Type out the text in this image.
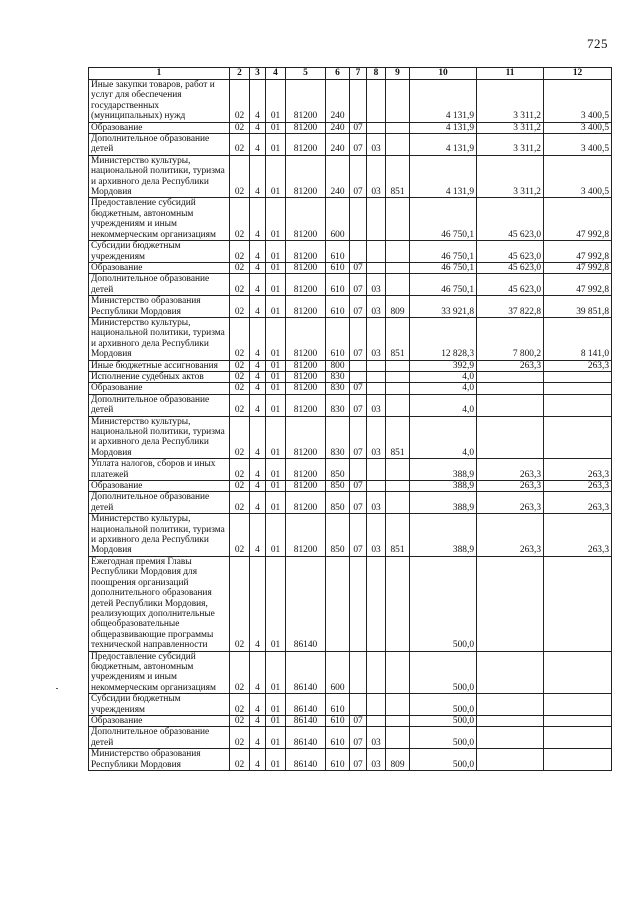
725
1	2	3	4	5	6	7	8	9	10	11	12
Иные закупки товаров, работ и услуг для обеспечения государственных (муниципальных) нужд	02	4	01	81200	240				4 131,9	3 311,2	3 400,5
Образование	02	4	01	81200	240	07			4 131,9	3 311,2	3 400,5
Дополнительное образование детей	02	4	01	81200	240	07	03		4 131,9	3 311,2	3 400,5
Министерство культуры, национальной политики, туризма и архивного дела Республики Мордовия	02	4	01	81200	240	07	03	851	4 131,9	3 311,2	3 400,5
Предоставление субсидий бюджетным, автономным учреждениям и иным некоммерческим организациям	02	4	01	81200	600				46 750,1	45 623,0	47 992,8
Субсидии бюджетным учреждениям	02	4	01	81200	610				46 750,1	45 623,0	47 992,8
Образование	02	4	01	81200	610	07			46 750,1	45 623,0	47 992,8
Дополнительное образование детей	02	4	01	81200	610	07	03		46 750,1	45 623,0	47 992,8
Министерство образования Республики Мордовия	02	4	01	81200	610	07	03	809	33 921,8	37 822,8	39 851,8
Министерство культуры, национальной политики, туризма и архивного дела Республики Мордовия	02	4	01	81200	610	07	03	851	12 828,3	7 800,2	8 141,0
Иные бюджетные ассигнования	02	4	01	81200	800				392,9	263,3	263,3
Исполнение судебных актов	02	4	01	81200	830				4,0		
Образование	02	4	01	81200	830	07			4,0		
Дополнительное образование детей	02	4	01	81200	830	07	03		4,0		
Министерство культуры, национальной политики, туризма и архивного дела Республики Мордовия	02	4	01	81200	830	07	03	851	4,0		
Уплата налогов, сборов и иных платежей	02	4	01	81200	850				388,9	263,3	263,3
Образование	02	4	01	81200	850	07			388,9	263,3	263,3
Дополнительное образование детей	02	4	01	81200	850	07	03		388,9	263,3	263,3
Министерство культуры, национальной политики, туризма и архивного дела Республики Мордовия	02	4	01	81200	850	07	03	851	388,9	263,3	263,3
Ежегодная премия Главы Республики Мордовия для поощрения организаций дополнительного образования детей Республики Мордовия, реализующих дополнительные общеобразовательные общеразвивающие программы технической направленности	02	4	01	86140					500,0		
Предоставление субсидий бюджетным, автономным учреждениям и иным некоммерческим организациям	02	4	01	86140	600				500,0		
Субсидии бюджетным учреждениям	02	4	01	86140	610				500,0		
Образование	02	4	01	86140	610	07			500,0		
Дополнительное образование детей	02	4	01	86140	610	07	03		500,0		
Министерство образования Республики Мордовия	02	4	01	86140	610	07	03	809	500,0		
